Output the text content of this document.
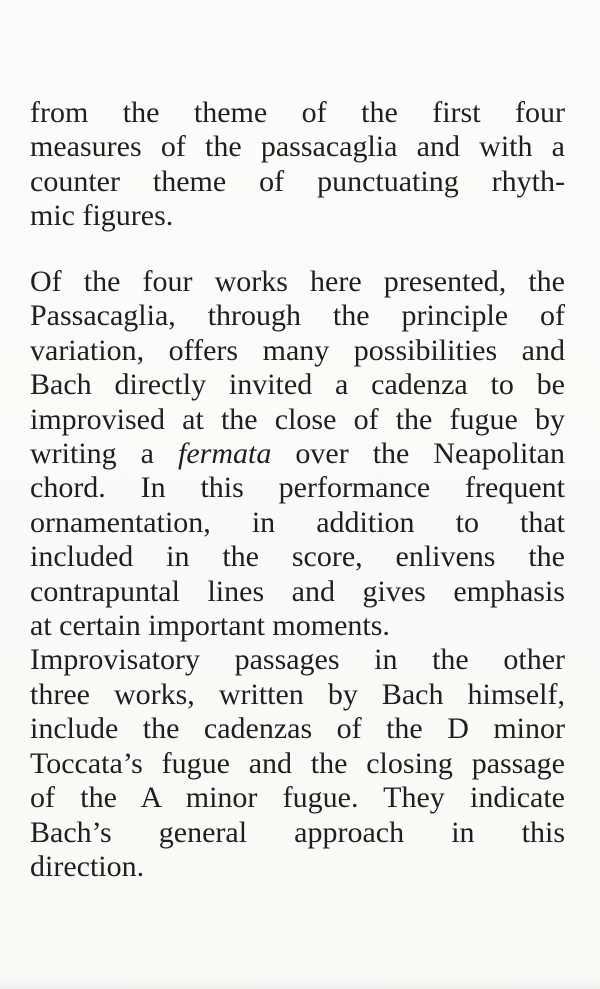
from the theme of the first four
measures of the passacaglia and with a
counter theme of punctuating rhyth-
mic figures.
Of the four works here presented, the
Passacaglia, through the principle of
variation, offers many possibilities and
Bach directly invited a cadenza to be
improvised at the close of the fugue by
writing a fermata over the Neapolitan
chord. In this performance frequent
ornamentation, in addition to that
included in the score, enlivens the
contrapuntal lines and gives emphasis
at certain important moments.
Improvisatory passages in the other
three works, written by Bach himself,
include the cadenzas of the D minor
Toccata’s fugue and the closing passage
of the A minor fugue. They indicate
Bach’s general approach in this
direction.
